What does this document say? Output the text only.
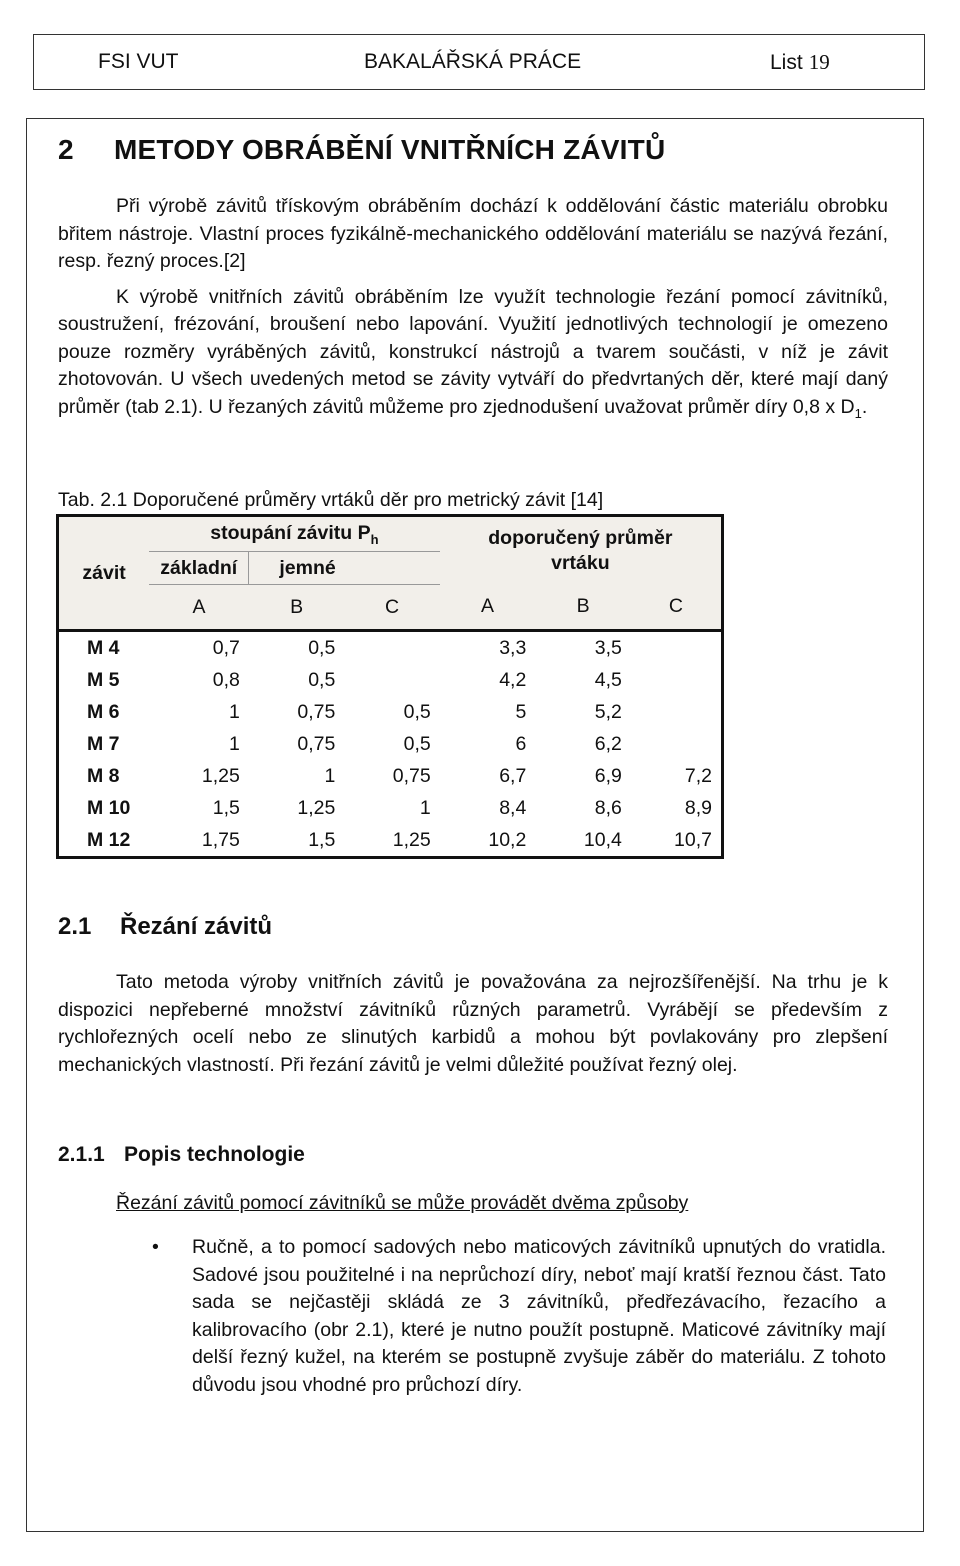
FSI VUT	BAKALÁŘSKÁ PRÁCE	List 19
2 METODY OBRÁBĚNÍ VNITŘNÍCH ZÁVITŮ

Při výrobě závitů třískovým obráběním dochází k oddělování částic materiálu obrobku břitem nástroje. Vlastní proces fyzikálně-mechanického oddělování materiálu se nazývá řezání, resp. řezný proces.[2]

K výrobě vnitřních závitů obráběním lze využít technologie řezání pomocí závitníků, soustružení, frézování, broušení nebo lapování. Využití jednotlivých technologií je omezeno pouze rozměry vyráběných závitů, konstrukcí nástrojů a tvarem součásti, v níž je závit zhotovován. U všech uvedených metod se závity vytváří do předvrtaných děr, které mají daný průměr (tab 2.1). U řezaných závitů můžeme pro zjednodušení uvažovat průměr díry 0,8 x $D_1$.

Tab. 2.1 Doporučené průměry vrtáků děr pro metrický závit [14]
závit	stoupání závitu $P_h$			doporučený průměr vrtáku		
	základní	jemné				
	A	B	C	A	B	C
M 4	0,7	0,5		3,3	3,5	
M 5	0,8	0,5		4,2	4,5	
M 6	1	0,75	0,5	5	5,2	
M 7	1	0,75	0,5	6	6,2	
M 8	1,25	1	0,75	6,7	6,9	7,2
M 10	1,5	1,25	1	8,4	8,6	8,9
M 12	1,75	1,5	1,25	10,2	10,4	10,7
2.1 Řezání závitů

Tato metoda výroby vnitřních závitů je považována za nejrozšířenější. Na trhu je k dispozici nepřeberné množství závitníků různých parametrů. Vyrábějí se především z rychlořezných ocelí nebo ze slinutých karbidů a mohou být povlakovány pro zlepšení mechanických vlastností. Při řezání závitů je velmi důležité používat řezný olej.

2.1.1 Popis technologie
Řezání závitů pomocí závitníků se může provádět dvěma způsoby
• Ručně, a to pomocí sadových nebo maticových závitníků upnutých do vratidla. Sadové jsou použitelné i na neprůchozí díry, neboť mají kratší řeznou část. Tato sada se nejčastěji skládá ze 3 závitníků, předřezávacího, řezacího a kalibrovacího (obr 2.1), které je nutno použít postupně. Maticové závitníky mají delší řezný kužel, na kterém se postupně zvyšuje záběr do materiálu. Z tohoto důvodu jsou vhodné pro průchozí díry.
